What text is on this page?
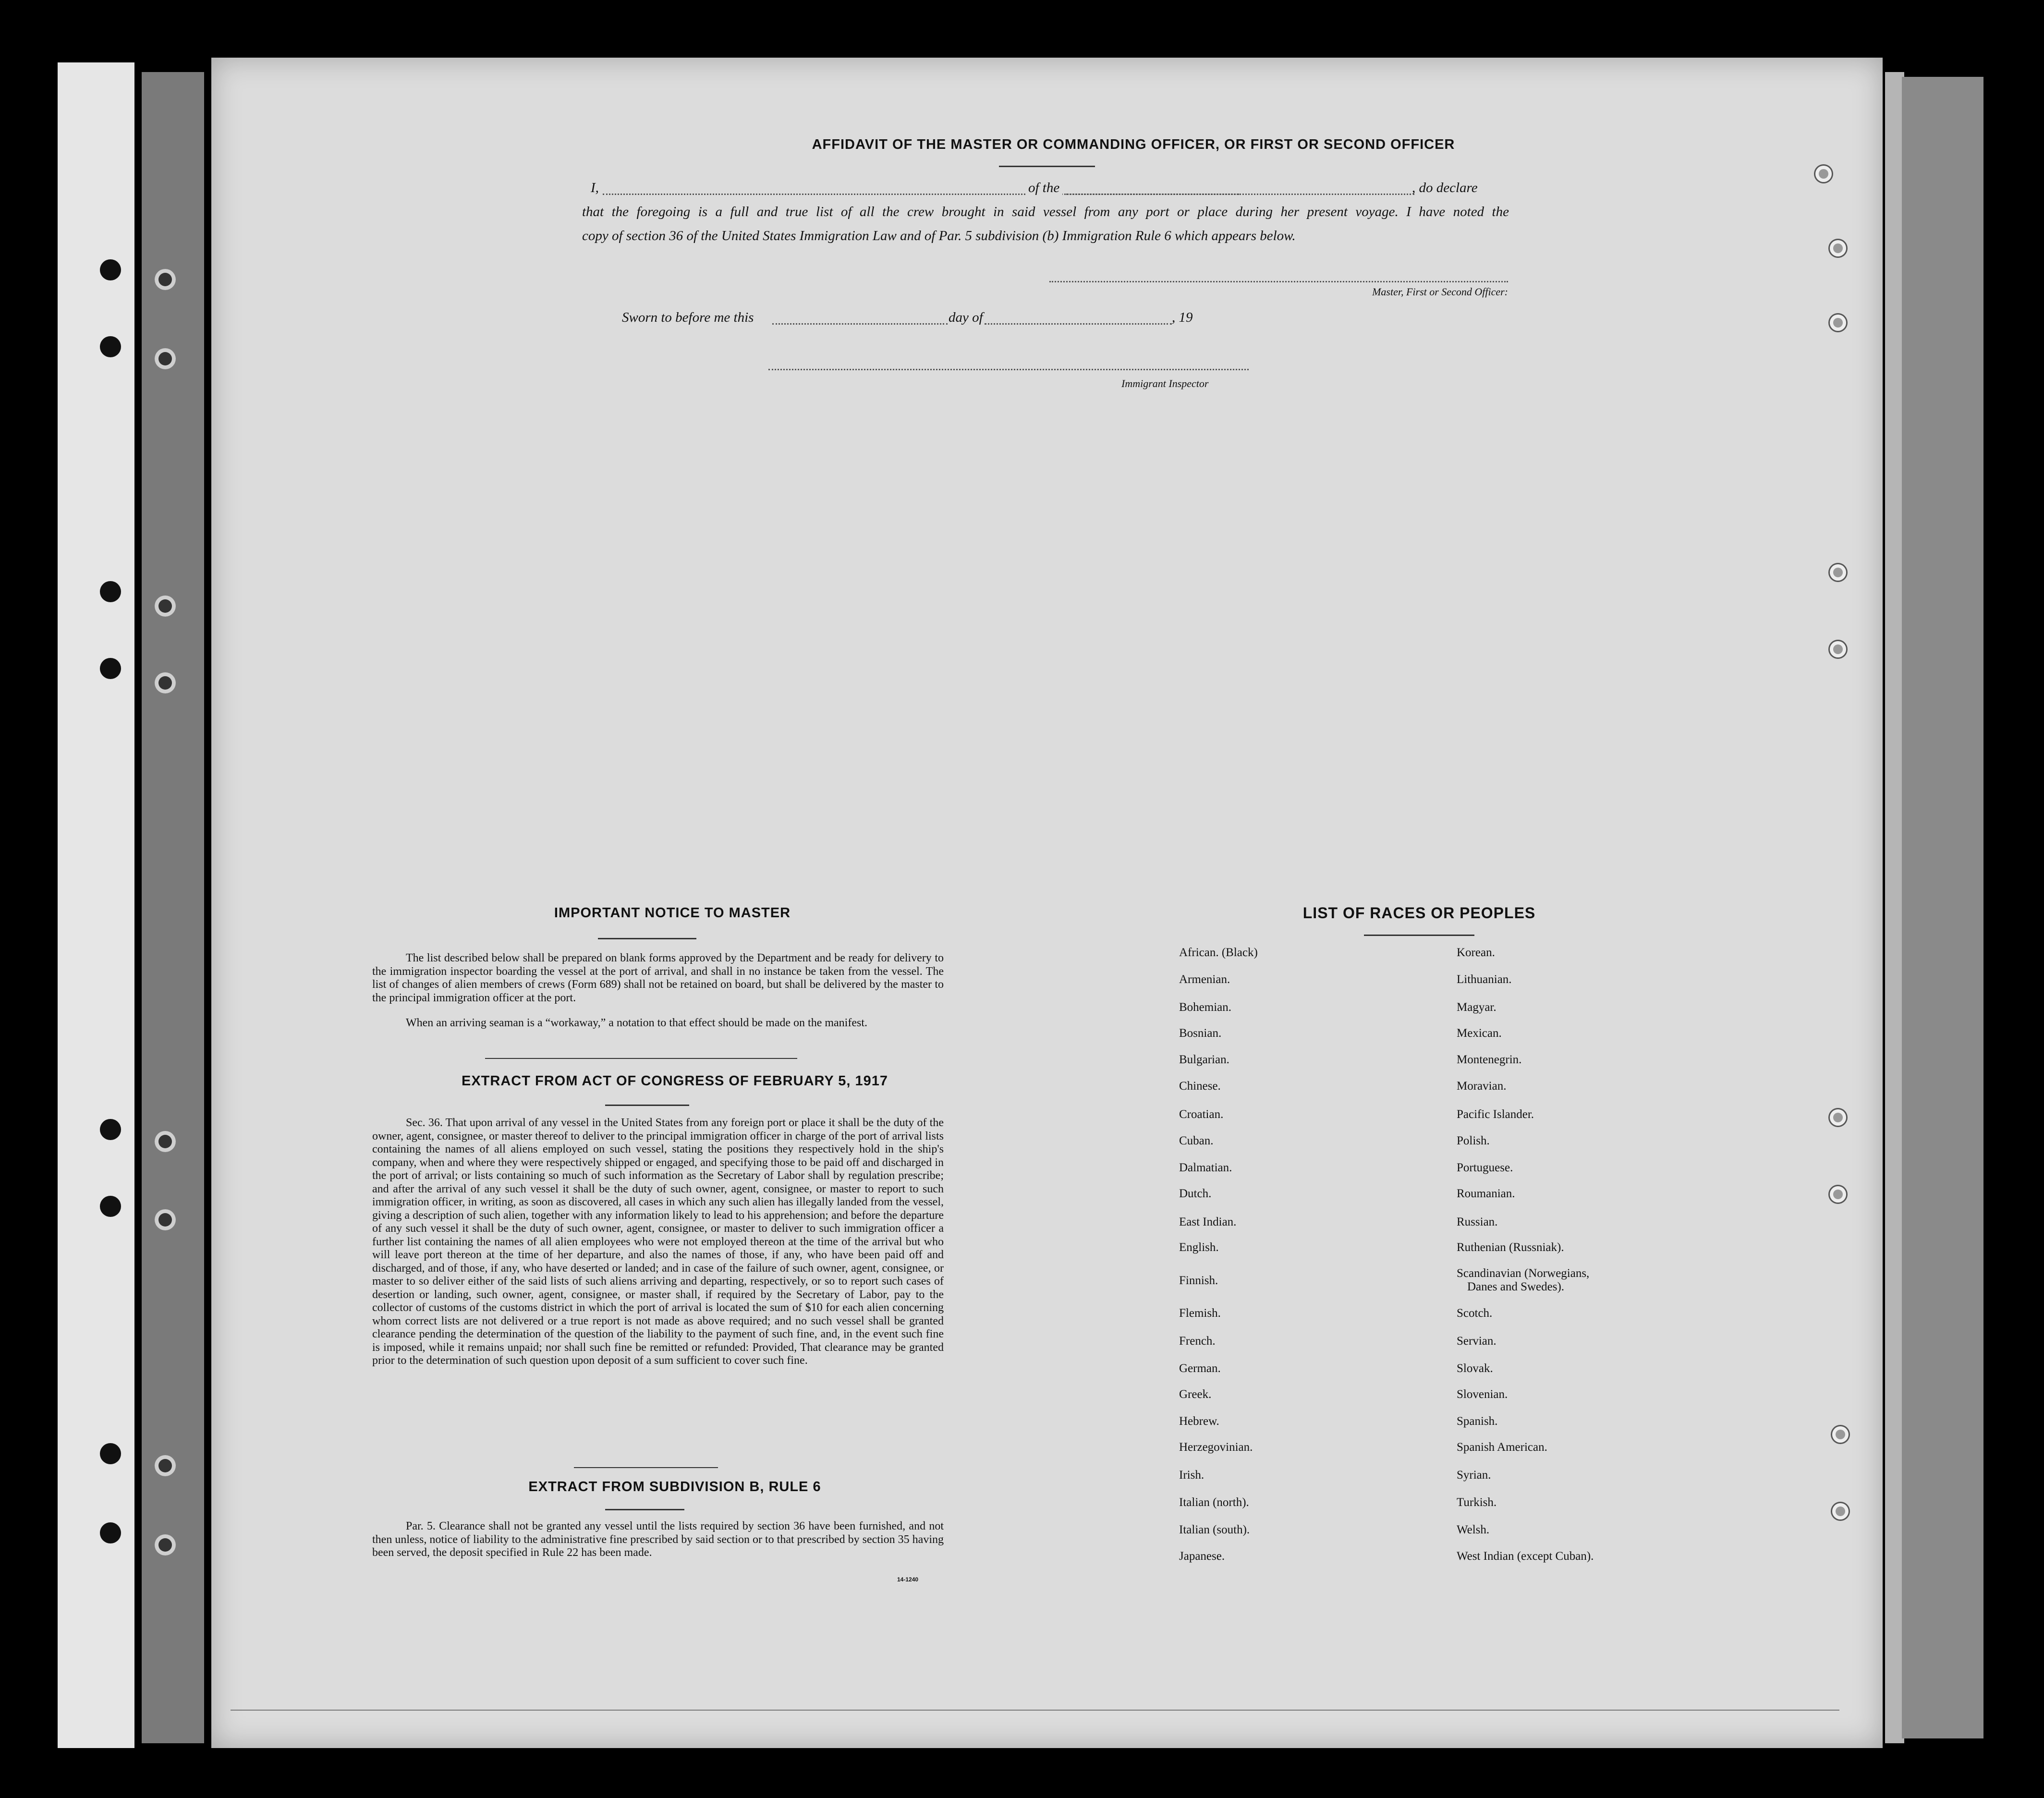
AFFIDAVIT OF THE MASTER OR COMMANDING OFFICER, OR FIRST OR SECOND OFFICER
I,	of the	, do declare
that the foregoing is a full and true list of all the crew brought in said vessel from any port or place during her present voyage. I have noted the
copy of section 36 of the United States Immigration Law and of Par. 5 subdivision (b) Immigration Rule 6 which appears below.
Master, First or Second Officer:
Sworn to before me this	day of	, 19
Immigrant Inspector
IMPORTANT NOTICE TO MASTER
The list described below shall be prepared on blank forms approved by the Department and be ready for delivery to the immigration inspector boarding the vessel at the port of arrival, and shall in no instance be taken from the vessel. The list of changes of alien members of crews (Form 689) shall not be retained on board, but shall be delivered by the master to the principal immigration officer at the port.
When an arriving seaman is a “workaway,” a notation to that effect should be made on the manifest.
EXTRACT FROM ACT OF CONGRESS OF FEBRUARY 5, 1917
Sec. 36. That upon arrival of any vessel in the United States from any foreign port or place it shall be the duty of the owner, agent, consignee, or master thereof to deliver to the principal immigration officer in charge of the port of arrival lists containing the names of all aliens employed on such vessel, stating the positions they respectively hold in the ship's company, when and where they were respectively shipped or engaged, and specifying those to be paid off and discharged in the port of arrival; or lists containing so much of such information as the Secretary of Labor shall by regulation prescribe; and after the arrival of any such vessel it shall be the duty of such owner, agent, consignee, or master to report to such immigration officer, in writing, as soon as discovered, all cases in which any such alien has illegally landed from the vessel, giving a description of such alien, together with any information likely to lead to his apprehension; and before the departure of any such vessel it shall be the duty of such owner, agent, consignee, or master to deliver to such immigration officer a further list containing the names of all alien employees who were not employed thereon at the time of the arrival but who will leave port thereon at the time of her departure, and also the names of those, if any, who have been paid off and discharged, and of those, if any, who have deserted or landed; and in case of the failure of such owner, agent, consignee, or master to so deliver either of the said lists of such aliens arriving and departing, respectively, or so to report such cases of desertion or landing, such owner, agent, consignee, or master shall, if required by the Secretary of Labor, pay to the collector of customs of the customs district in which the port of arrival is located the sum of $10 for each alien concerning whom correct lists are not delivered or a true report is not made as above required; and no such vessel shall be granted clearance pending the determination of the question of the liability to the payment of such fine, and, in the event such fine is imposed, while it remains unpaid; nor shall such fine be remitted or refunded: Provided, That clearance may be granted prior to the determination of such question upon deposit of a sum sufficient to cover such fine.
EXTRACT FROM SUBDIVISION B, RULE 6
Par. 5. Clearance shall not be granted any vessel until the lists required by section 36 have been furnished, and not then unless, notice of liability to the administrative fine prescribed by said section or to that prescribed by section 35 having been served, the deposit specified in Rule 22 has been made.
14-1240
LIST OF RACES OR PEOPLES
African. (Black)
Armenian.
Bohemian.
Bosnian.
Bulgarian.
Chinese.
Croatian.
Cuban.
Dalmatian.
Dutch.
East Indian.
English.
Finnish.
Flemish.
French.
German.
Greek.
Hebrew.
Herzegovinian.
Irish.
Italian (north).
Italian (south).
Japanese.
Korean.
Lithuanian.
Magyar.
Mexican.
Montenegrin.
Moravian.
Pacific Islander.
Polish.
Portuguese.
Roumanian.
Russian.
Ruthenian (Russniak).
Scandinavian (Norwegians,
Danes and Swedes).
Scotch.
Servian.
Slovak.
Slovenian.
Spanish.
Spanish American.
Syrian.
Turkish.
Welsh.
West Indian (except Cuban).
